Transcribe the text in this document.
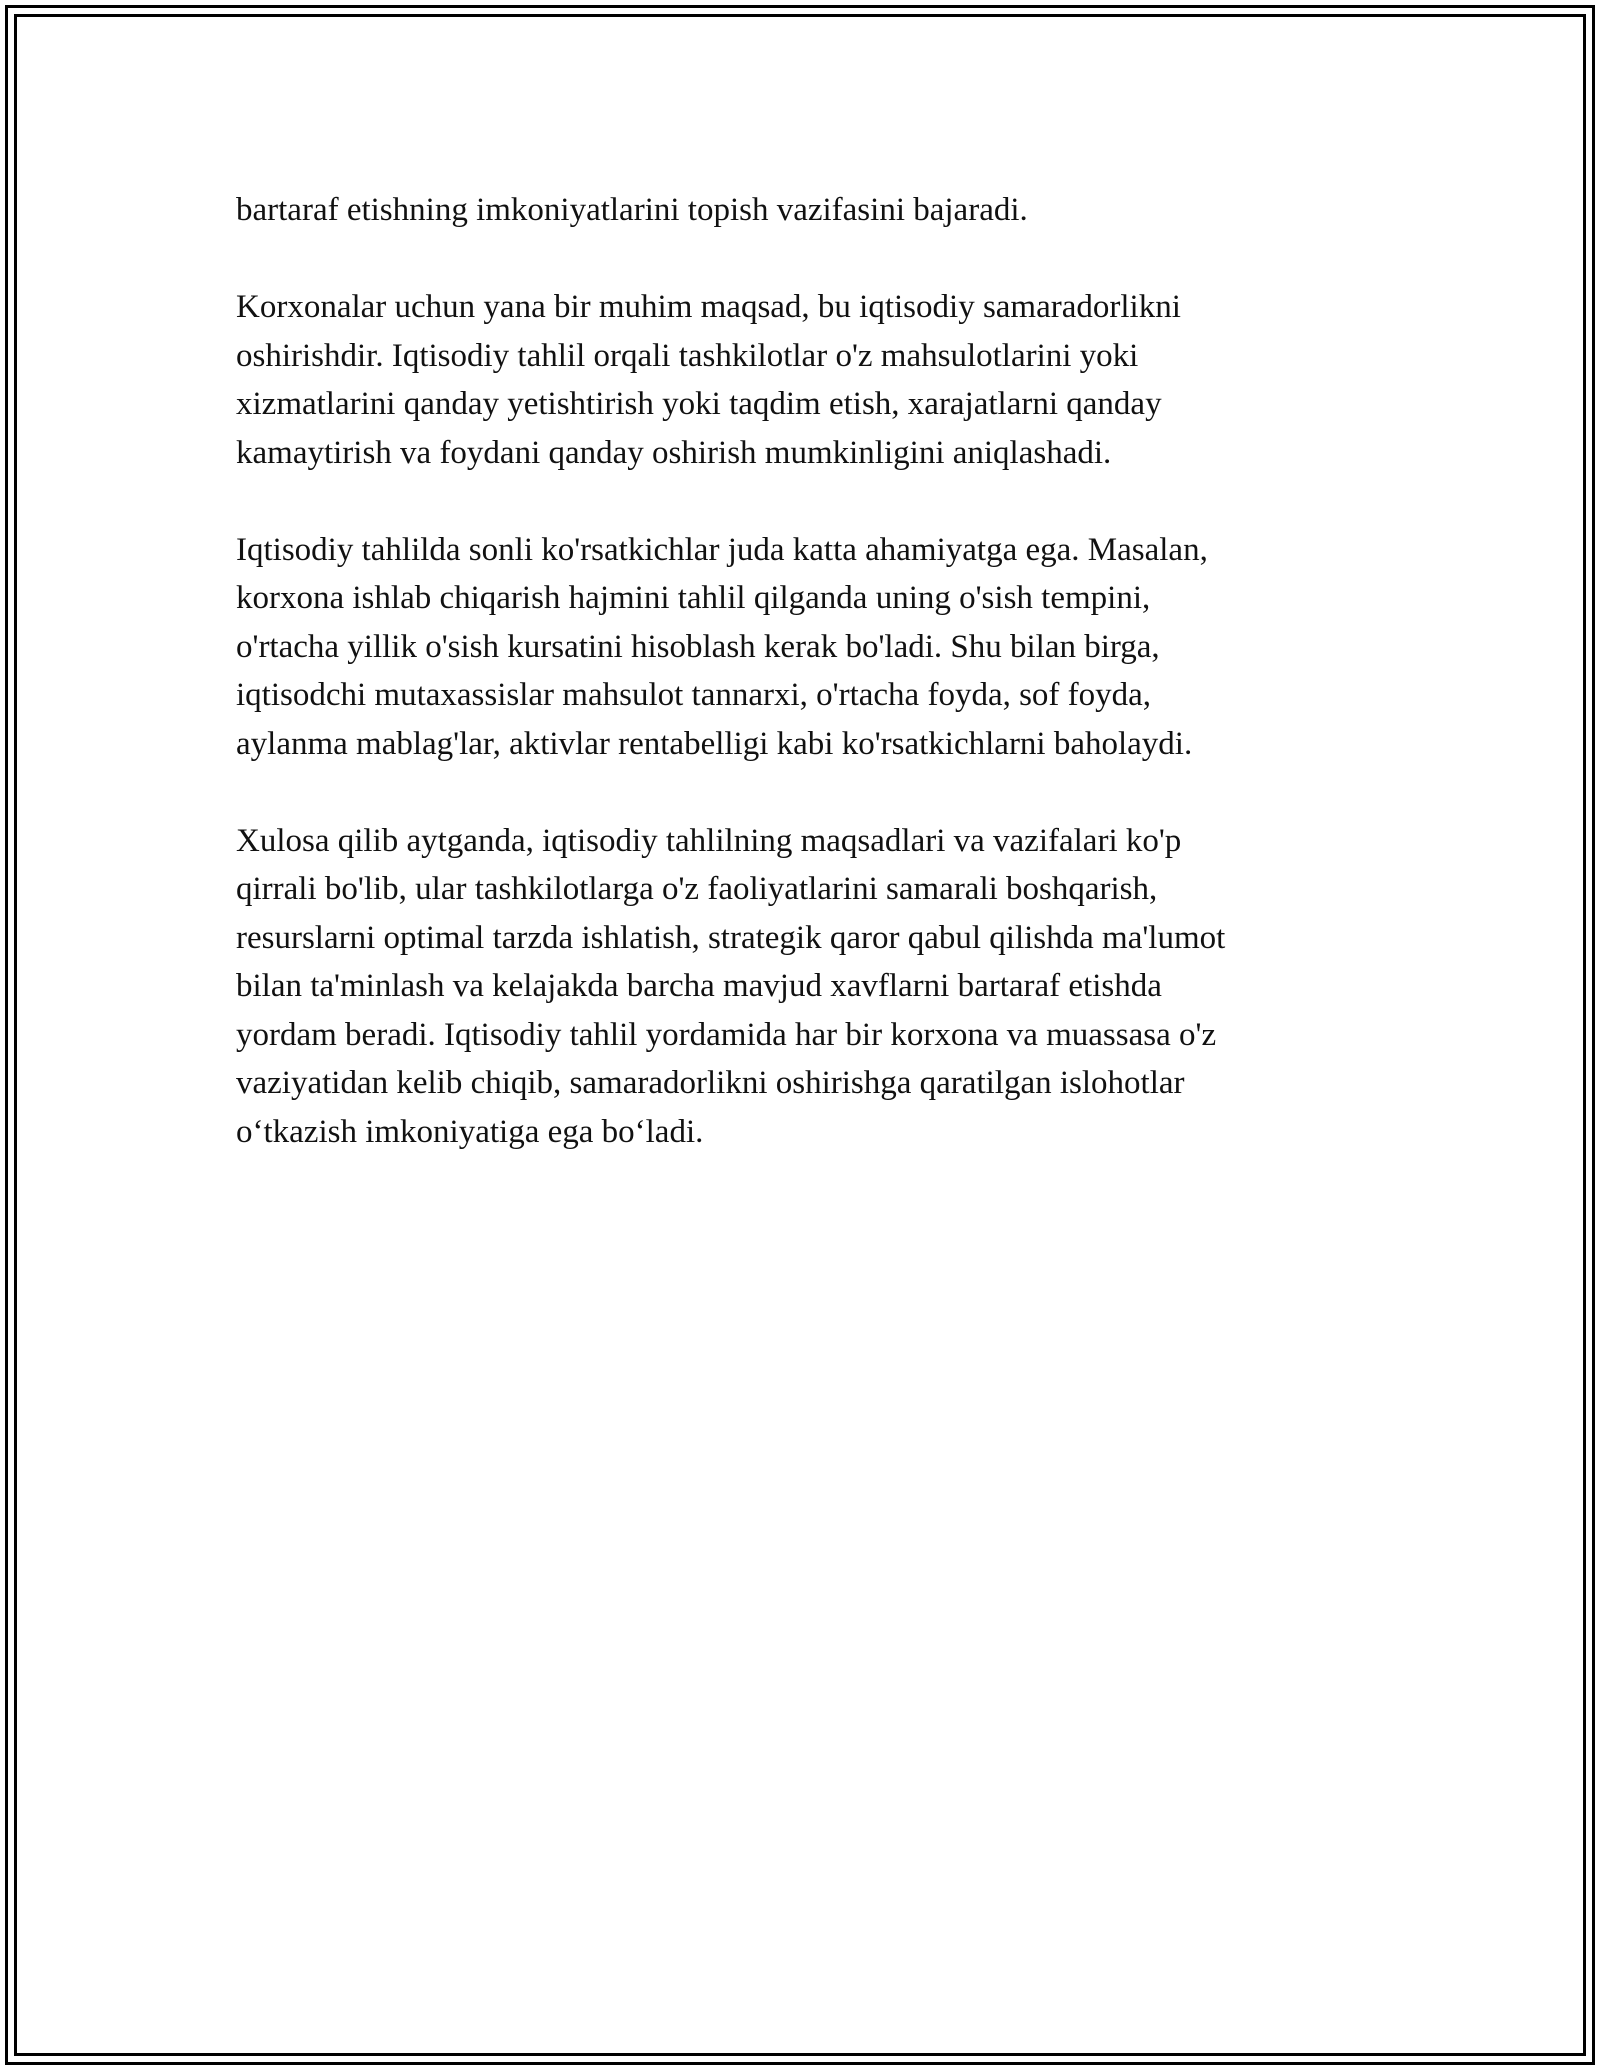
bartaraf etishning imkoniyatlarini topish vazifasini bajaradi.

Korxonalar uchun yana bir muhim maqsad, bu iqtisodiy samaradorlikni
oshirishdir. Iqtisodiy tahlil orqali tashkilotlar o'z mahsulotlarini yoki
xizmatlarini qanday yetishtirish yoki taqdim etish, xarajatlarni qanday
kamaytirish va foydani qanday oshirish mumkinligini aniqlashadi.

Iqtisodiy tahlilda sonli ko'rsatkichlar juda katta ahamiyatga ega. Masalan,
korxona ishlab chiqarish hajmini tahlil qilganda uning o'sish tempini,
o'rtacha yillik o'sish kursatini hisoblash kerak bo'ladi. Shu bilan birga,
iqtisodchi mutaxassislar mahsulot tannarxi, o'rtacha foyda, sof foyda,
aylanma mablag'lar, aktivlar rentabelligi kabi ko'rsatkichlarni baholaydi.

Xulosa qilib aytganda, iqtisodiy tahlilning maqsadlari va vazifalari ko'p
qirrali bo'lib, ular tashkilotlarga o'z faoliyatlarini samarali boshqarish,
resurslarni optimal tarzda ishlatish, strategik qaror qabul qilishda ma'lumot
bilan ta'minlash va kelajakda barcha mavjud xavflarni bartaraf etishda
yordam beradi. Iqtisodiy tahlil yordamida har bir korxona va muassasa o'z
vaziyatidan kelib chiqib, samaradorlikni oshirishga qaratilgan islohotlar
oʻtkazish imkoniyatiga ega boʻladi.
